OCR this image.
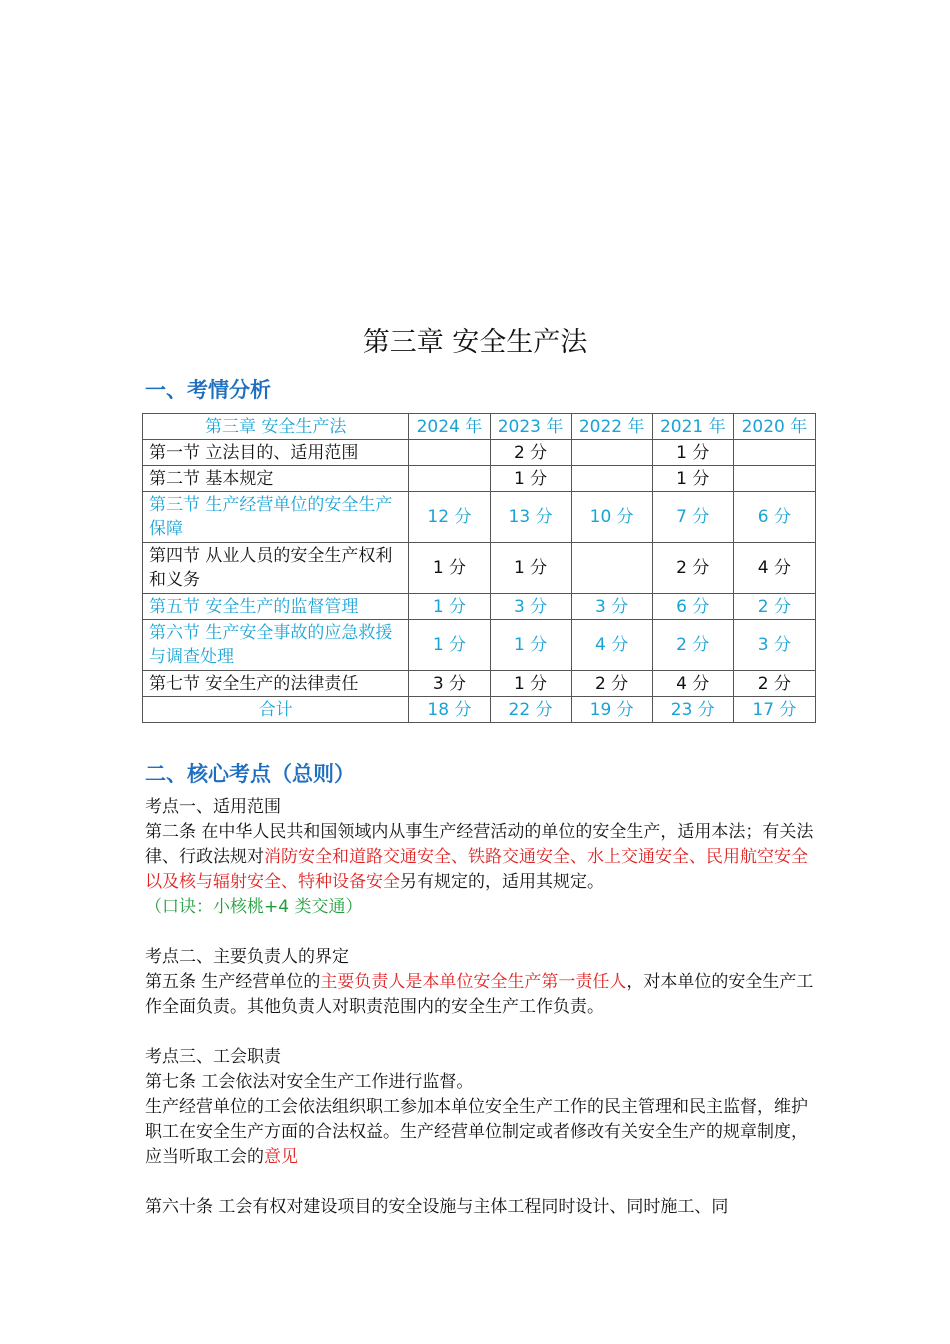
第三章 安全生产法
一、考情分析
第三章 安全生产法	2024 年	2023 年	2022 年	2021 年	2020 年
第一节 立法目的、适用范围		2 分		1 分	
第二节 基本规定		1 分		1 分	
第三节 生产经营单位的安全生产保障	12 分	13 分	10 分	7 分	6 分
第四节 从业人员的安全生产权利和义务	1 分	1 分		2 分	4 分
第五节 安全生产的监督管理	1 分	3 分	3 分	6 分	2 分
第六节 生产安全事故的应急救援与调查处理	1 分	1 分	4 分	2 分	3 分
第七节 安全生产的法律责任	3 分	1 分	2 分	4 分	2 分
合计	18 分	22 分	19 分	23 分	17 分
二、核心考点（总则）

考点一、适用范围

第二条 在中华人民共和国领域内从事生产经营活动的单位的安全生产，适用本法；有关法律、行政法规对消防安全和道路交通安全、铁路交通安全、水上交通安全、民用航空安全以及核与辐射安全、特种设备安全另有规定的，适用其规定。

（口诀：小核桃+4 类交通）

考点二、主要负责人的界定

第五条 生产经营单位的主要负责人是本单位安全生产第一责任人，对本单位的安全生产工作全面负责。其他负责人对职责范围内的安全生产工作负责。

考点三、工会职责

第七条 工会依法对安全生产工作进行监督。

生产经营单位的工会依法组织职工参加本单位安全生产工作的民主管理和民主监督，维护职工在安全生产方面的合法权益。生产经营单位制定或者修改有关安全生产的规章制度，应当听取工会的意见

第六十条 工会有权对建设项目的安全设施与主体工程同时设计、同时施工、同
